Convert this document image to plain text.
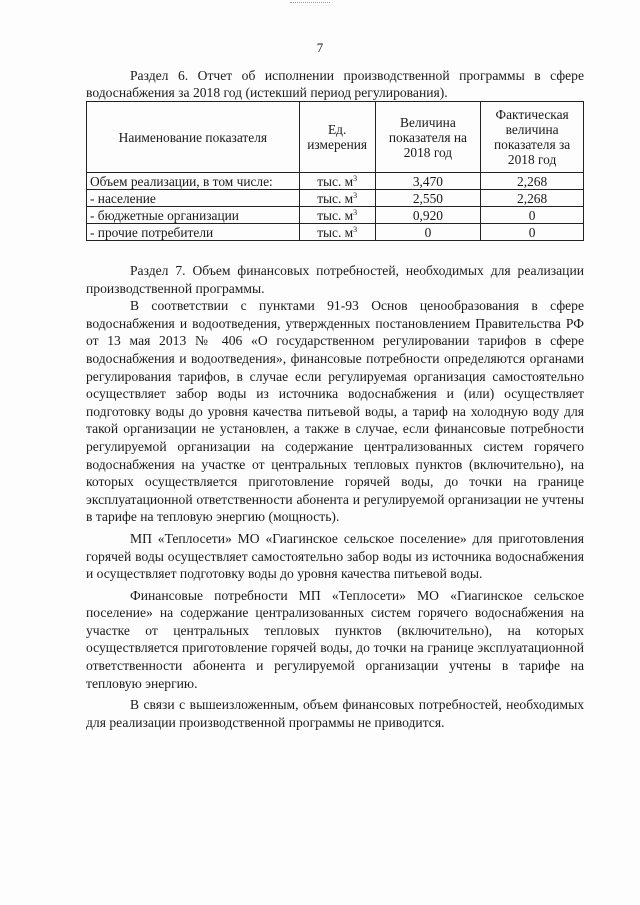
7
Раздел 6. Отчет об исполнении производственной программы в сфере водоснабжения за 2018 год (истекший период регулирования).
Наименование показателя	Ед. измерения	Величина показателя на 2018 год	Фактическая величина показателя за 2018 год
Объем реализации, в том числе:	тыс. $м^3$	3,470	2,268
- население	тыс. $м^3$	2,550	2,268
- бюджетные организации	тыс. $м^3$	0,920	0
- прочие потребители	тыс. $м^3$	0	0

Раздел 7. Объем финансовых потребностей, необходимых для реализации производственной программы.

В соответствии с пунктами 91-93 Основ ценообразования в сфере водоснабжения и водоотведения, утвержденных постановлением Правительства РФ от 13 мая 2013 № 406 «О государственном регулировании тарифов в сфере водоснабжения и водоотведения», финансовые потребности определяются органами регулирования тарифов, в случае если регулируемая организация самостоятельно осуществляет забор воды из источника водоснабжения и (или) осуществляет подготовку воды до уровня качества питьевой воды, а тариф на холодную воду для такой организации не установлен, а также в случае, если финансовые потребности регулируемой организации на содержание централизованных систем горячего водоснабжения на участке от центральных тепловых пунктов (включительно), на которых осуществляется приготовление горячей воды, до точки на границе эксплуатационной ответственности абонента и регулируемой организации не учтены в тарифе на тепловую энергию (мощность).

МП «Теплосети» МО «Гиагинское сельское поселение» для приготовления горячей воды осуществляет самостоятельно забор воды из источника водоснабжения и осуществляет подготовку воды до уровня качества питьевой воды.

Финансовые потребности МП «Теплосети» МО «Гиагинское сельское поселение» на содержание централизованных систем горячего водоснабжения на участке от центральных тепловых пунктов (включительно), на которых осуществляется приготовление горячей воды, до точки на границе эксплуатационной ответственности абонента и регулируемой организации учтены в тарифе на тепловую энергию.

В связи с вышеизложенным, объем финансовых потребностей, необходимых для реализации производственной программы не приводится.
